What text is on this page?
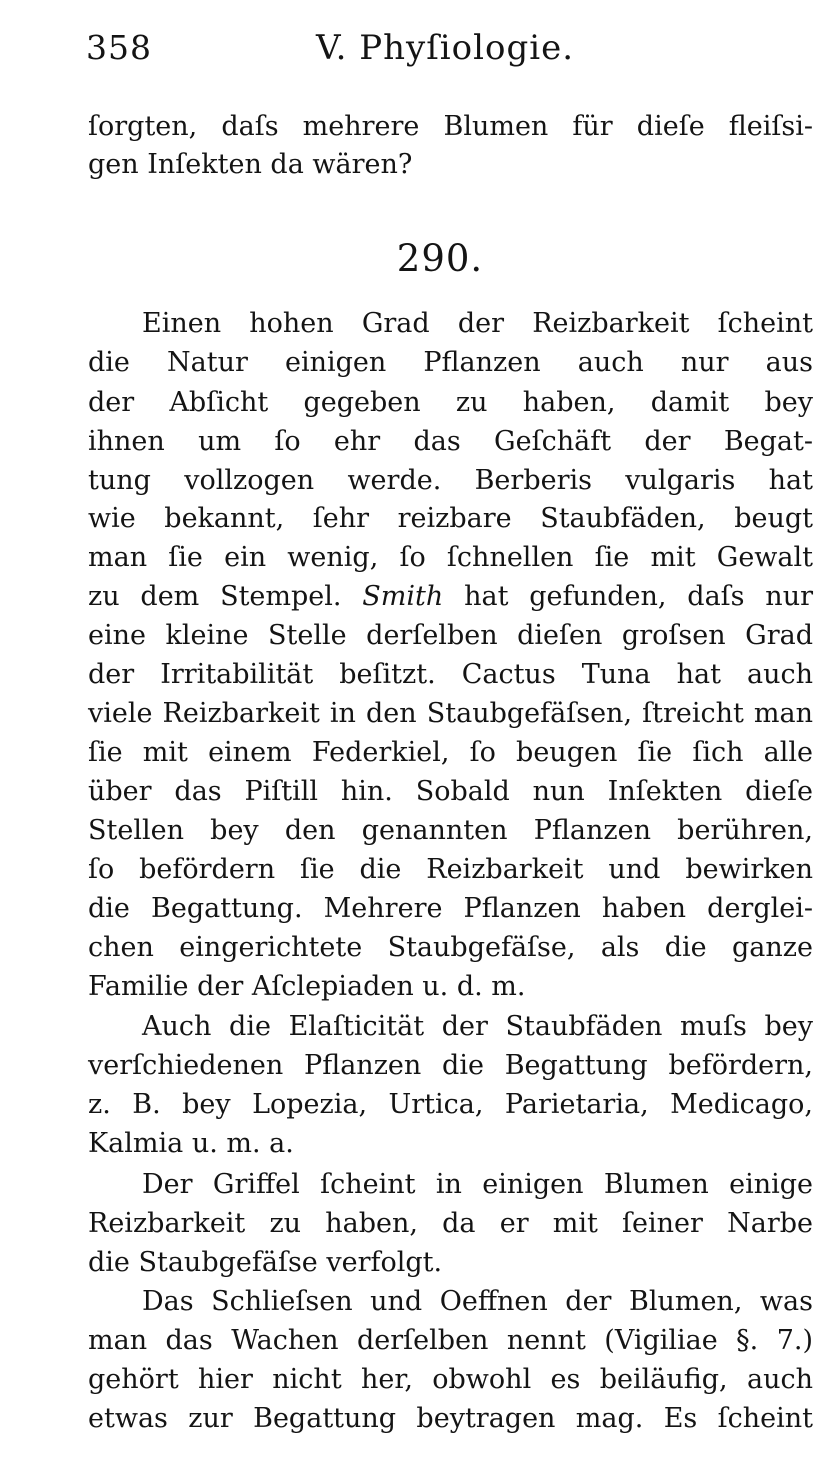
358	V. Phyſiologie.
ſorgten, daſs mehrere Blumen für dieſe fleiſsi-
gen Inſekten da wären?
290.
Einen hohen Grad der Reizbarkeit ſcheint
die Natur einigen Pflanzen auch nur aus
der Abſicht gegeben zu haben, damit bey
ihnen um ſo ehr das Geſchäft der Begat-
tung vollzogen werde. Berberis vulgaris hat
wie bekannt, ſehr reizbare Staubfäden, beugt
man ſie ein wenig, ſo ſchnellen ſie mit Gewalt
zu dem Stempel. Smith hat gefunden, daſs nur
eine kleine Stelle derſelben dieſen groſsen Grad
der Irritabilität beſitzt. Cactus Tuna hat auch
viele Reizbarkeit in den Staubgefäſsen, ſtreicht man
ſie mit einem Federkiel, ſo beugen ſie ſich alle
über das Piſtill hin. Sobald nun Inſekten dieſe
Stellen bey den genannten Pflanzen berühren,
ſo befördern ſie die Reizbarkeit und bewirken
die Begattung. Mehrere Pflanzen haben derglei-
chen eingerichtete Staubgefäſse, als die ganze
Familie der Aſclepiaden u. d. m.
Auch die Elaſticität der Staubfäden muſs bey
verſchiedenen Pflanzen die Begattung befördern,
z. B. bey Lopezia, Urtica, Parietaria, Medicago,
Kalmia u. m. a.
Der Griffel ſcheint in einigen Blumen einige
Reizbarkeit zu haben, da er mit ſeiner Narbe
die Staubgefäſse verfolgt.
Das Schlieſsen und Oeffnen der Blumen, was
man das Wachen derſelben nennt (Vigiliae §. 7.)
gehört hier nicht her, obwohl es beiläufig, auch
etwas zur Begattung beytragen mag. Es ſcheint
